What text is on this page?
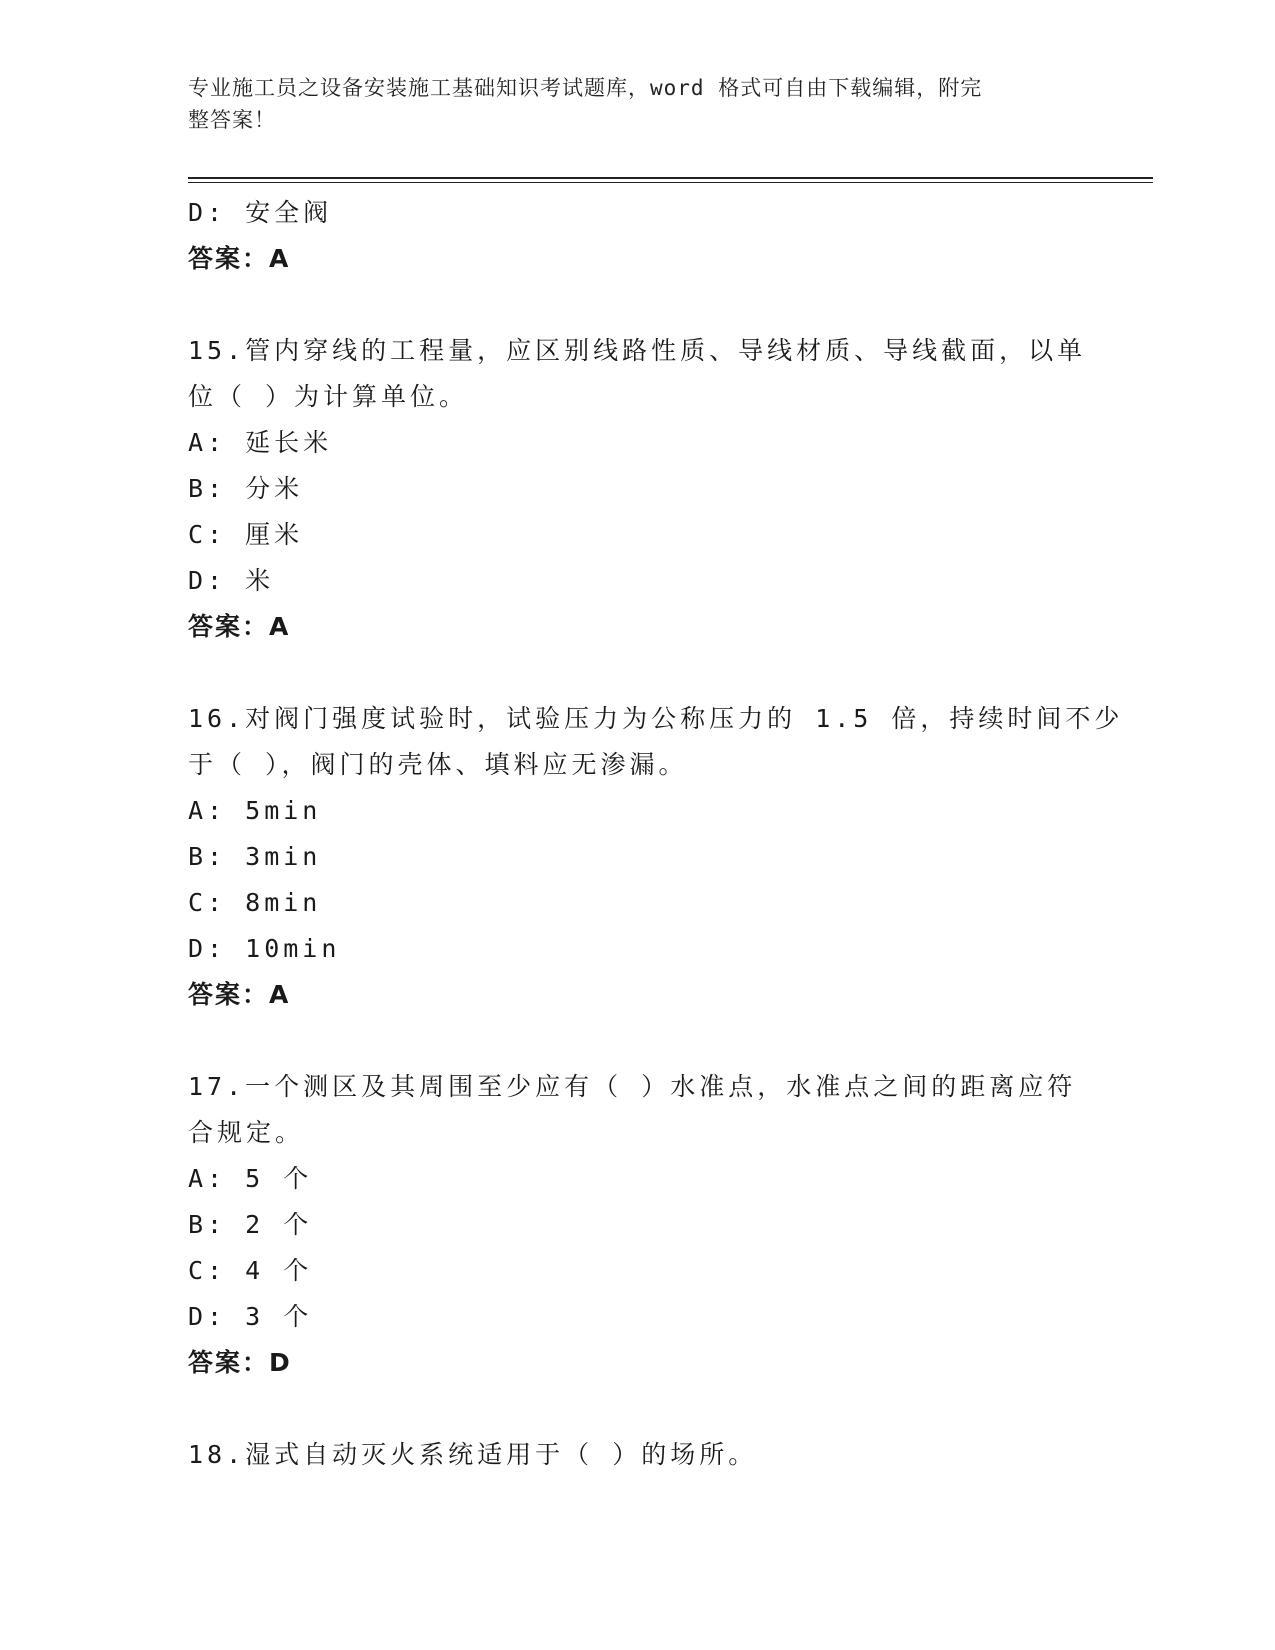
专业施工员之设备安装施工基础知识考试题库，word 格式可自由下载编辑，附完
整答案！
D: 安全阀
答案：A
15.管内穿线的工程量，应区别线路性质、导线材质、导线截面，以单
位（ ）为计算单位。
A: 延长米
B: 分米
C: 厘米
D: 米
答案：A
16.对阀门强度试验时，试验压力为公称压力的 1.5 倍，持续时间不少
于（ ），阀门的壳体、填料应无渗漏。
A: 5min
B: 3min
C: 8min
D: 10min
答案：A
17.一个测区及其周围至少应有（ ）水准点，水准点之间的距离应符
合规定。
A: 5 个
B: 2 个
C: 4 个
D: 3 个
答案：D
18.湿式自动灭火系统适用于（ ）的场所。
